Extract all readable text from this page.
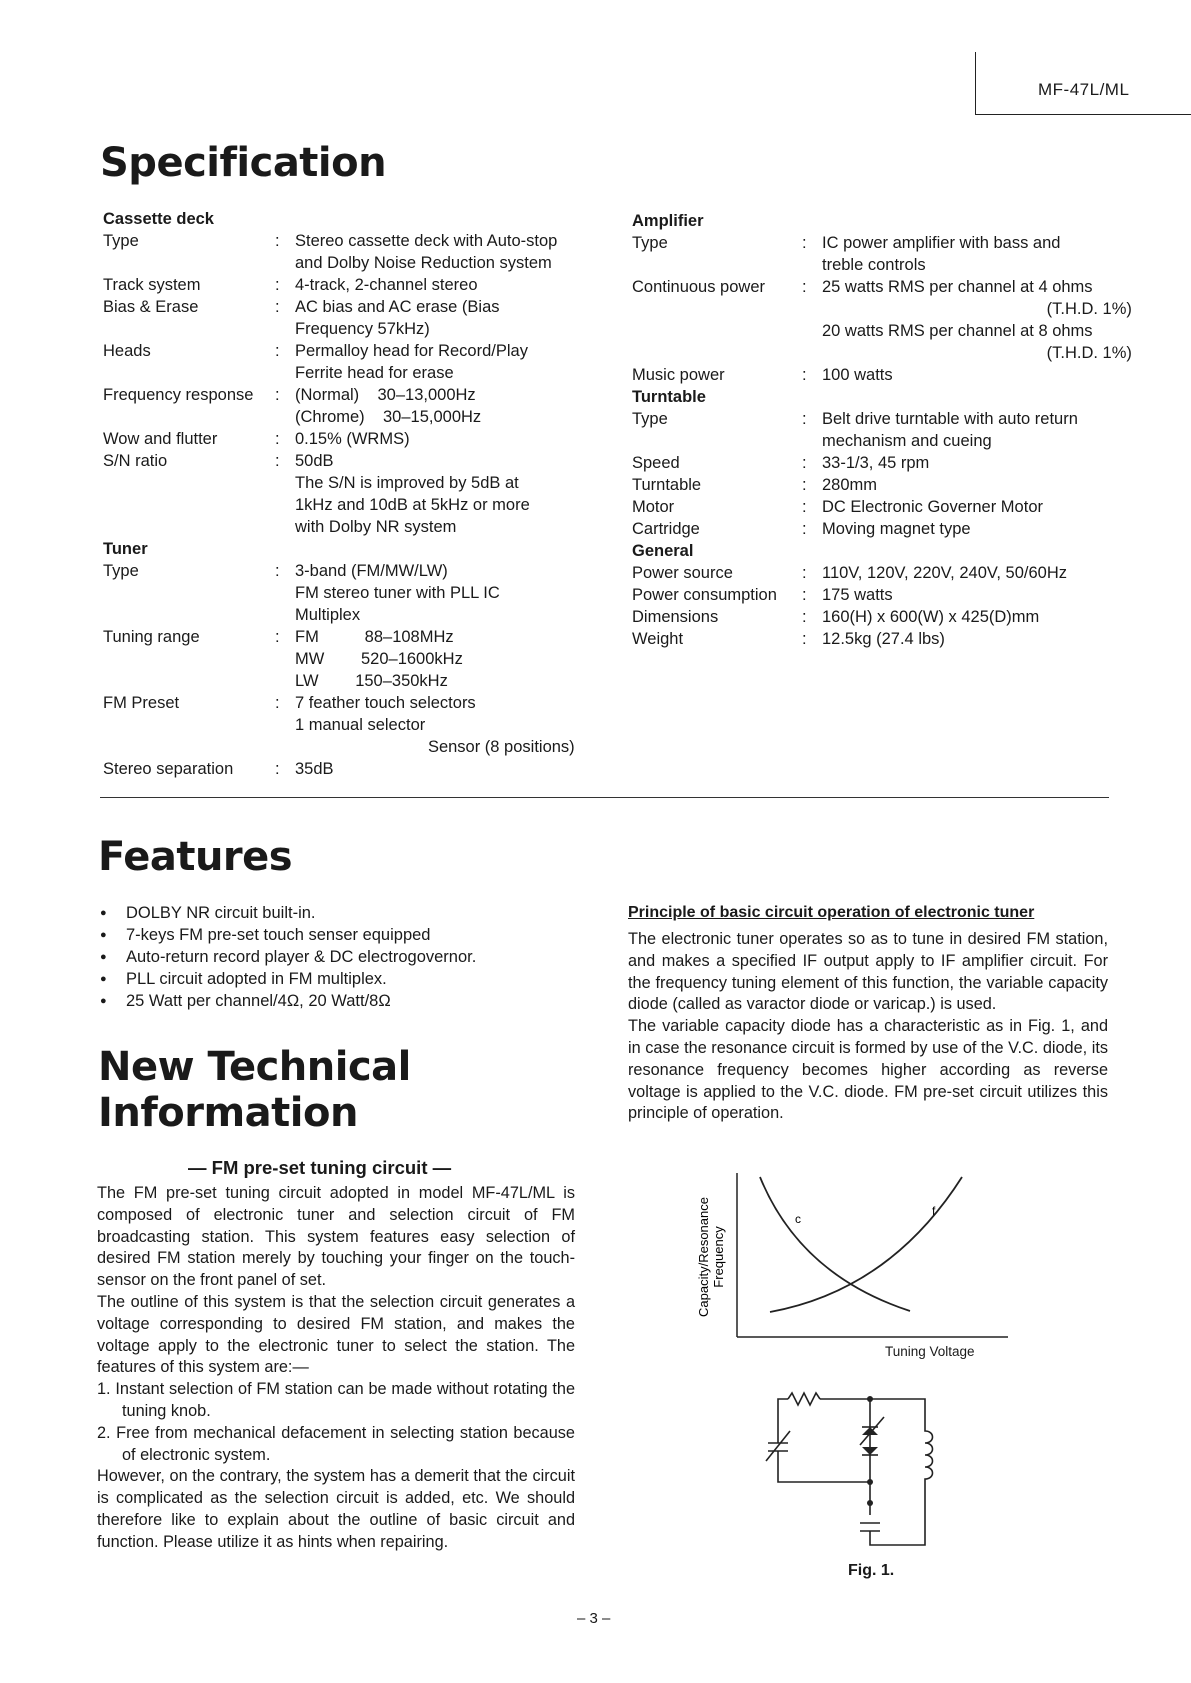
MF-47L/ML
Specification
Cassette deck
Type	: Stereo cassette deck with Auto-stop
and Dolby Noise Reduction system
Track system	: 4-track, 2-channel stereo
Bias & Erase	: AC bias and AC erase (Bias
Frequency 57kHz)
Heads	: Permalloy head for Record/Play
Ferrite head for erase
Frequency response : (Normal)    30–13,000Hz
(Chrome)    30–15,000Hz
Wow and flutter	: 0.15% (WRMS)
S/N ratio	: 50dB
The S/N is improved by 5dB at
1kHz and 10dB at 5kHz or more
with Dolby NR system
Tuner
Type	: 3-band (FM/MW/LW)
FM stereo tuner with PLL IC
Multiplex
Tuning range	: FM          88–108MHz
MW        520–1600kHz
LW        150–350kHz
FM Preset	: 7 feather touch selectors
1 manual selector
Sensor (8 positions)
Stereo separation	: 35dB
Amplifier
Type	: IC power amplifier with bass and
treble controls
Continuous power : 25 watts RMS per channel at 4 ohms
(T.H.D. 1%)
20 watts RMS per channel at 8 ohms
(T.H.D. 1%)
Music power	: 100 watts
Turntable
Type	: Belt drive turntable with auto return
mechanism and cueing
Speed	: 33-1/3, 45 rpm
Turntable	: 280mm
Motor	: DC Electronic Governer Motor
Cartridge	: Moving magnet type
General
Power source	: 110V, 120V, 220V, 240V, 50/60Hz
Power consumption : 175 watts
Dimensions	: 160(H) x 600(W) x 425(D)mm
Weight	: 12.5kg (27.4 lbs)
Features
● DOLBY NR circuit built-in.
● 7-keys FM pre-set touch senser equipped
● Auto-return record player & DC electrogovernor.
● PLL circuit adopted in FM multiplex.
● 25 Watt per channel/4Ω, 20 Watt/8Ω
New Technical
Information
— FM pre-set tuning circuit —

The FM pre-set tuning circuit adopted in model MF-47L/ML is composed of electronic tuner and selection circuit of FM broadcasting station. This system features easy selection of desired FM station merely by touching your finger on the touch-sensor on the front panel of set.

The outline of this system is that the selection circuit generates a voltage corresponding to desired FM station, and makes the voltage apply to the electronic tuner to select the station. The features of this system are:—

1. Instant selection of FM station can be made without rotating the tuning knob.

2. Free from mechanical defacement in selecting station because of electronic system.

However, on the contrary, the system has a demerit that the circuit is complicated as the selection circuit is added, etc. We should therefore like to explain about the outline of basic circuit and function. Please utilize it as hints when repairing.

Principle of basic circuit operation of electronic tuner

The electronic tuner operates so as to tune in desired FM station, and makes a specified IF output apply to IF amplifier circuit. For the frequency tuning element of this function, the variable capacity diode (called as varactor diode or varicap.) is used.

The variable capacity diode has a characteristic as in Fig. 1, and in case the resonance circuit is formed by use of the V.C. diode, its resonance frequency becomes higher according as reverse voltage is applied to the V.C. diode. FM pre-set circuit utilizes this principle of operation.

c
f
Capacity/Resonance Frequency
Tuning Voltage
Fig. 1.
– 3 –
